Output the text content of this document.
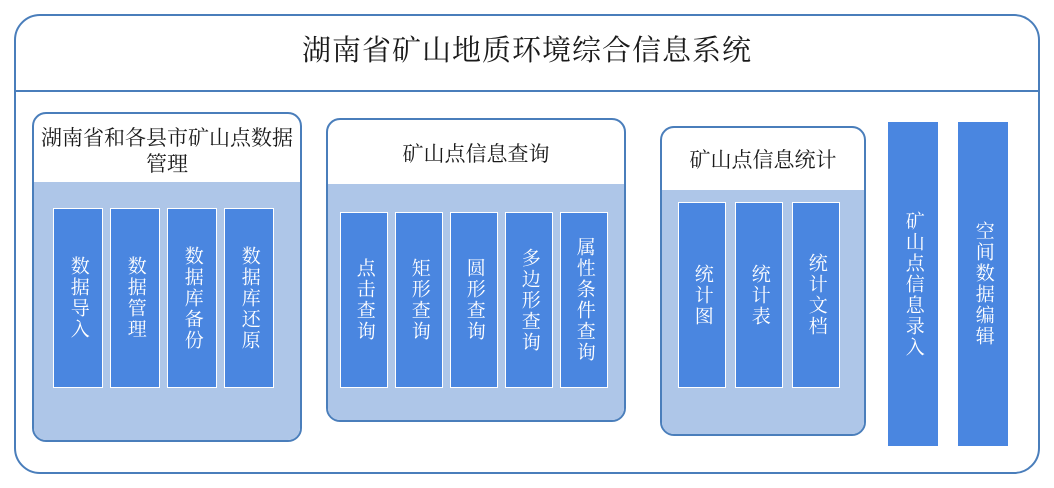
湖南省矿山地质环境综合信息系统
湖南省和各县市矿山点数据管理
数据导入	数据管理	数据库备份	数据库还原
矿山点信息查询
点击查询	矩形查询	圆形查询	多边形查询	属性条件查询
矿山点信息统计
统计图	统计表	统计文档	矿山点信息录入	空间数据编辑
